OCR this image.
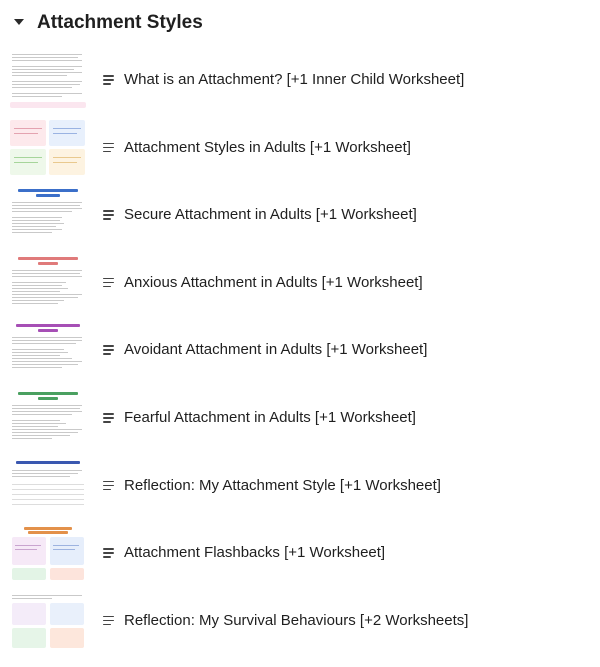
Attachment Styles
What is an Attachment? [+1 Inner Child Worksheet]
Attachment Styles in Adults [+1 Worksheet]
Secure Attachment in Adults [+1 Worksheet]
Anxious Attachment in Adults [+1 Worksheet]
Avoidant Attachment in Adults [+1 Worksheet]
Fearful Attachment in Adults [+1 Worksheet]
Reflection: My Attachment Style [+1 Worksheet]
Attachment Flashbacks [+1 Worksheet]
Reflection: My Survival Behaviours [+2 Worksheets]
